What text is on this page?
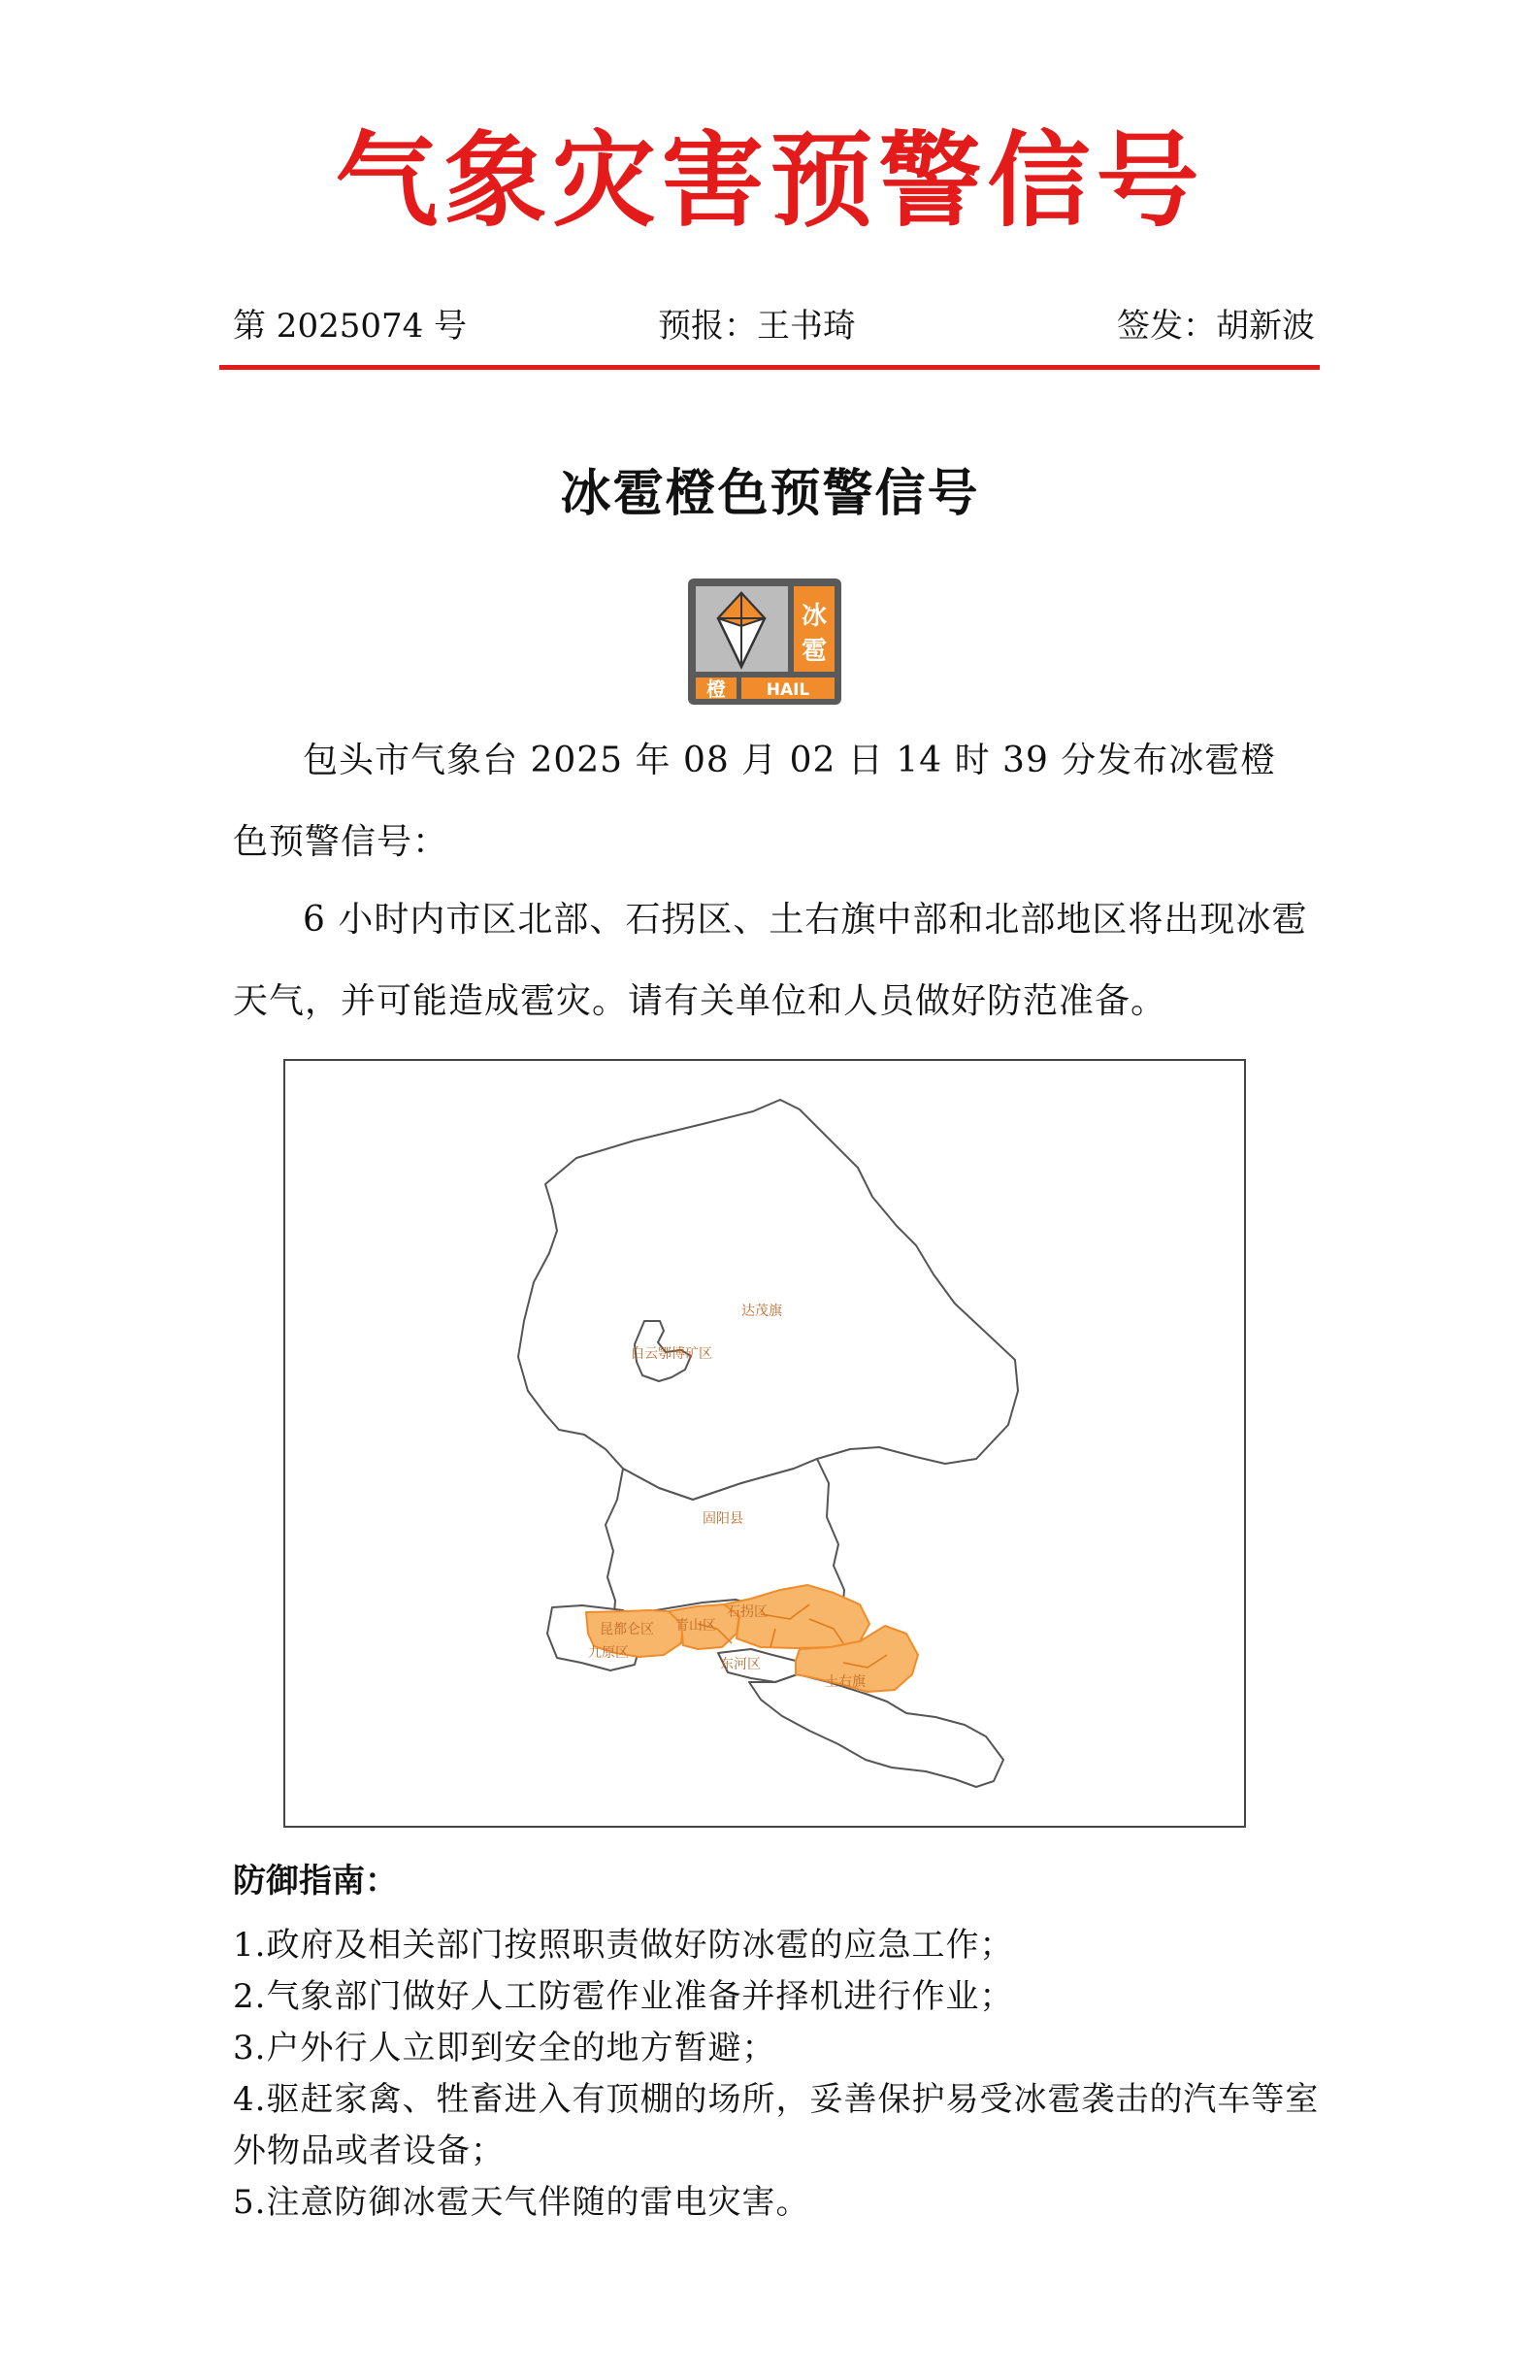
气象灾害预警信号
第 2025074 号	预报：王书琦	签发：胡新波
冰雹橙色预警信号
冰
雹
橙 HAIL

包头市气象台 2025 年 08 月 02 日 14 时 39 分发布冰雹橙色预警信号：

6 小时内市区北部、石拐区、土右旗中部和北部地区将出现冰雹天气，并可能造成雹灾。请有关单位和人员做好防范准备。

达茂旗
白云鄂博矿区
固阳县
昆都仑区 青山区
石拐区
九原区
东河区
土右旗
防御指南：
1.政府及相关部门按照职责做好防冰雹的应急工作；
2.气象部门做好人工防雹作业准备并择机进行作业；
3.户外行人立即到安全的地方暂避；
4.驱赶家禽、牲畜进入有顶棚的场所，妥善保护易受冰雹袭击的汽车等室外物品或者设备；
5.注意防御冰雹天气伴随的雷电灾害。
